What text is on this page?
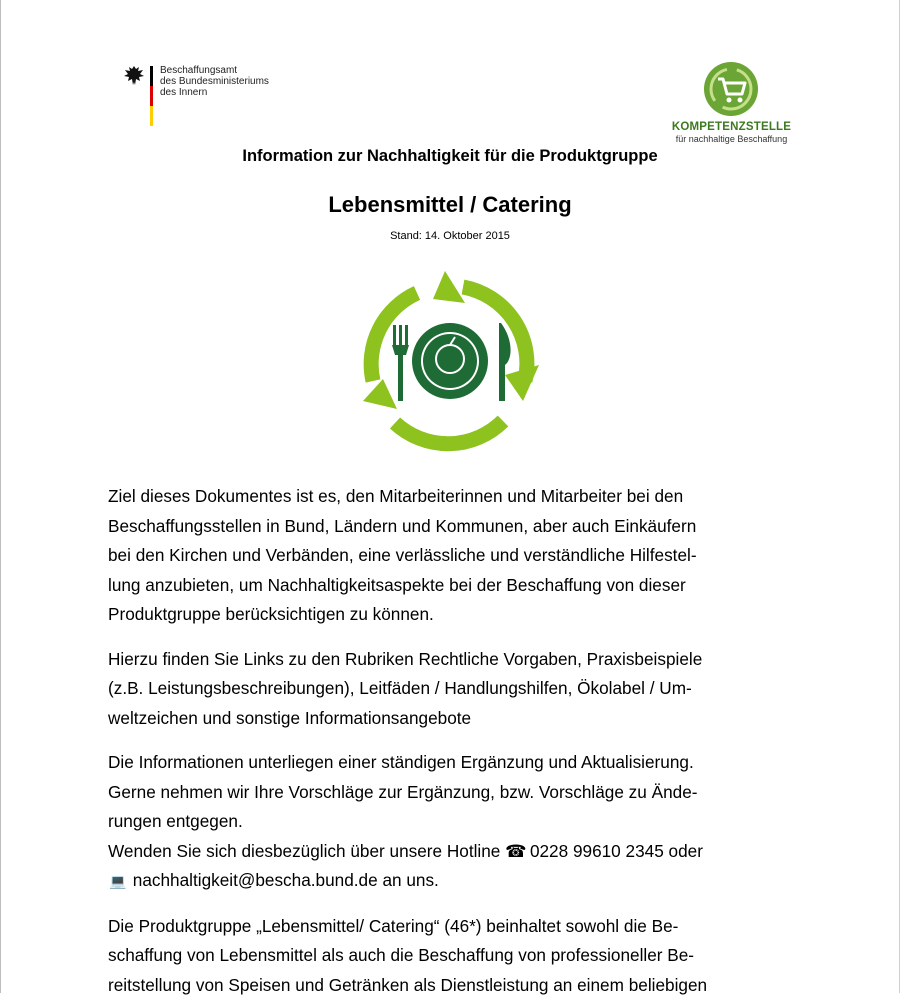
Beschaffungsamt
des Bundesministeriums
des Innern
KOMPETENZSTELLE
für nachhaltige Beschaffung
Information zur Nachhaltigkeit für die Produktgruppe
Lebensmittel / Catering
Stand: 14. Oktober 2015

Ziel dieses Dokumentes ist es, den Mitarbeiterinnen und Mitarbeiter bei den
Beschaffungsstellen in Bund, Ländern und Kommunen, aber auch Einkäufern
bei den Kirchen und Verbänden, eine verlässliche und verständliche Hilfestel-
lung anzubieten, um Nachhaltigkeitsaspekte bei der Beschaffung von dieser
Produktgruppe berücksichtigen zu können.

Hierzu finden Sie Links zu den Rubriken Rechtliche Vorgaben, Praxisbeispiele
(z.B. Leistungsbeschreibungen), Leitfäden / Handlungshilfen, Ökolabel / Um-
weltzeichen und sonstige Informationsangebote

Die Informationen unterliegen einer ständigen Ergänzung und Aktualisierung.
Gerne nehmen wir Ihre Vorschläge zur Ergänzung, bzw. Vorschläge zu Ände-
rungen entgegen.
Wenden Sie sich diesbezüglich über unsere Hotline ☎ 0228 99610 2345 oder
💻 nachhaltigkeit@bescha.bund.de an uns.

Die Produktgruppe „Lebensmittel/ Catering“ (46*) beinhaltet sowohl die Be-
schaffung von Lebensmittel als auch die Beschaffung von professioneller Be-
reitstellung von Speisen und Getränken als Dienstleistung an einem beliebigen
